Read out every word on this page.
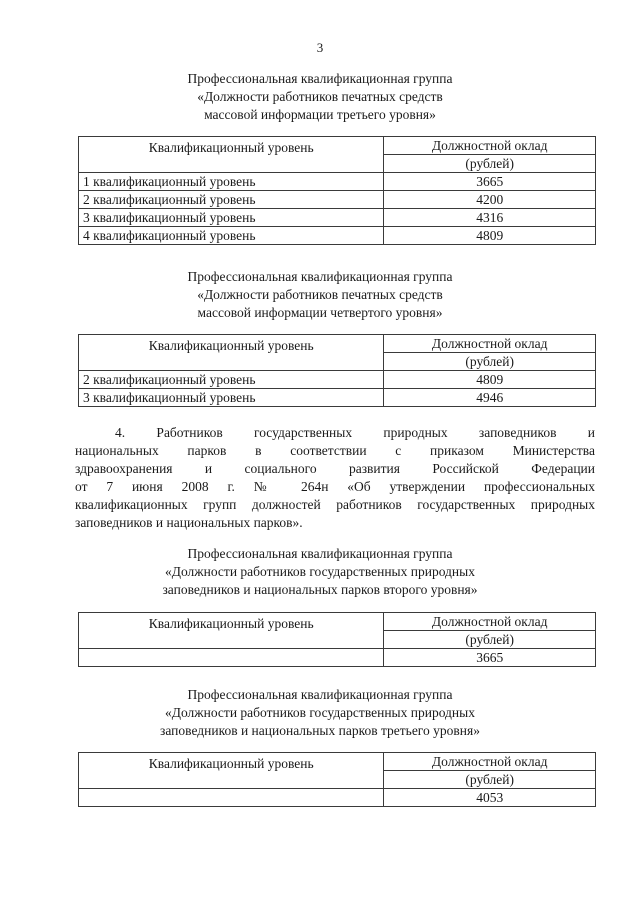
3
Профессиональная квалификационная группа
«Должности работников печатных средств
массовой информации третьего уровня»
Квалификационный уровень	Должностной оклад
	(рублей)
1 квалификационный уровень	3665
2 квалификационный уровень	4200
3 квалификационный уровень	4316
4 квалификационный уровень	4809
Профессиональная квалификационная группа
«Должности работников печатных средств
массовой информации четвертого уровня»
Квалификационный уровень	Должностной оклад
	(рублей)
2 квалификационный уровень	4809
3 квалификационный уровень	4946
4. Работников государственных природных заповедников и
национальных парков в соответствии с приказом Министерства
здравоохранения и социального развития Российской Федерации
от 7 июня 2008 г. № 264н «Об утверждении профессиональных
квалификационных групп должностей работников государственных природных
заповедников и национальных парков».
Профессиональная квалификационная группа
«Должности работников государственных природных
заповедников и национальных парков второго уровня»
Квалификационный уровень	Должностной оклад
	(рублей)
	3665
Профессиональная квалификационная группа
«Должности работников государственных природных
заповедников и национальных парков третьего уровня»
Квалификационный уровень	Должностной оклад
	(рублей)
	4053
